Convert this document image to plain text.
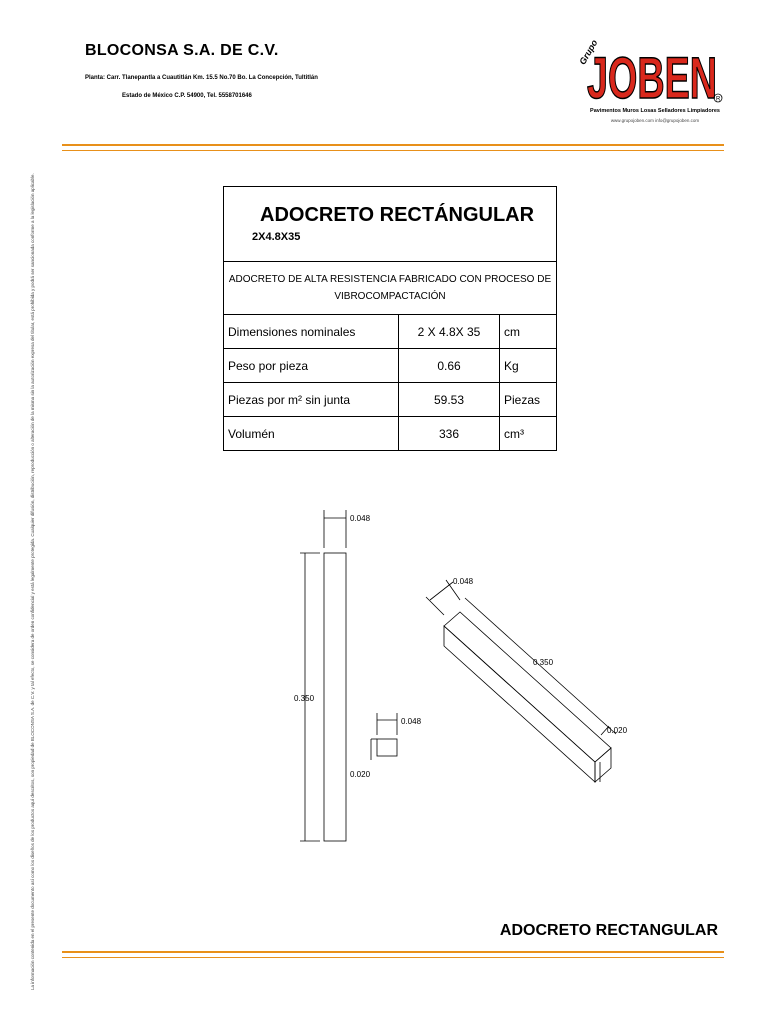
BLOCONSA S.A. DE C.V.
Planta: Carr. Tlanepantla a Cuautitlán Km. 15.5 No.70 Bo. La Concepción, Tultitlán
Estado de México C.P. 54900, Tel. 5558701646
Grupo
JOBEN R
Pavimentos Muros Losas Selladores Limpiadores
www.grupojoben.com info@grupojoben.com
La información contenida en el presente documento así como los diseños de los productos aquí descritos, son propiedad de BLOCONSA S.A. de C.V. y tal efecto, se considera de orden confidencial y está legalmente protegida. Cualquier difusión, distribución, reproducción o alteración de la misma sin la autorización expresa del titular, está prohibida y podrá ser sancionada conforme a la legislación aplicable.	ADOCRETO RECTÁNGULAR 2X4.8X35		

ADOCRETO DE ALTA RESISTENCIA FABRICADO CON PROCESO DE
VIBROCOMPACTACIÓN		

Dimensiones nominales	2 X 4.8X 35	cm
Peso por pieza	0.66	Kg
Piezas por m² sin junta	59.53	Piezas
Volumén	336	cm³
0.048
0.350
0.048
0.020
0.048
0.350
0.020
ADOCRETO RECTANGULAR
